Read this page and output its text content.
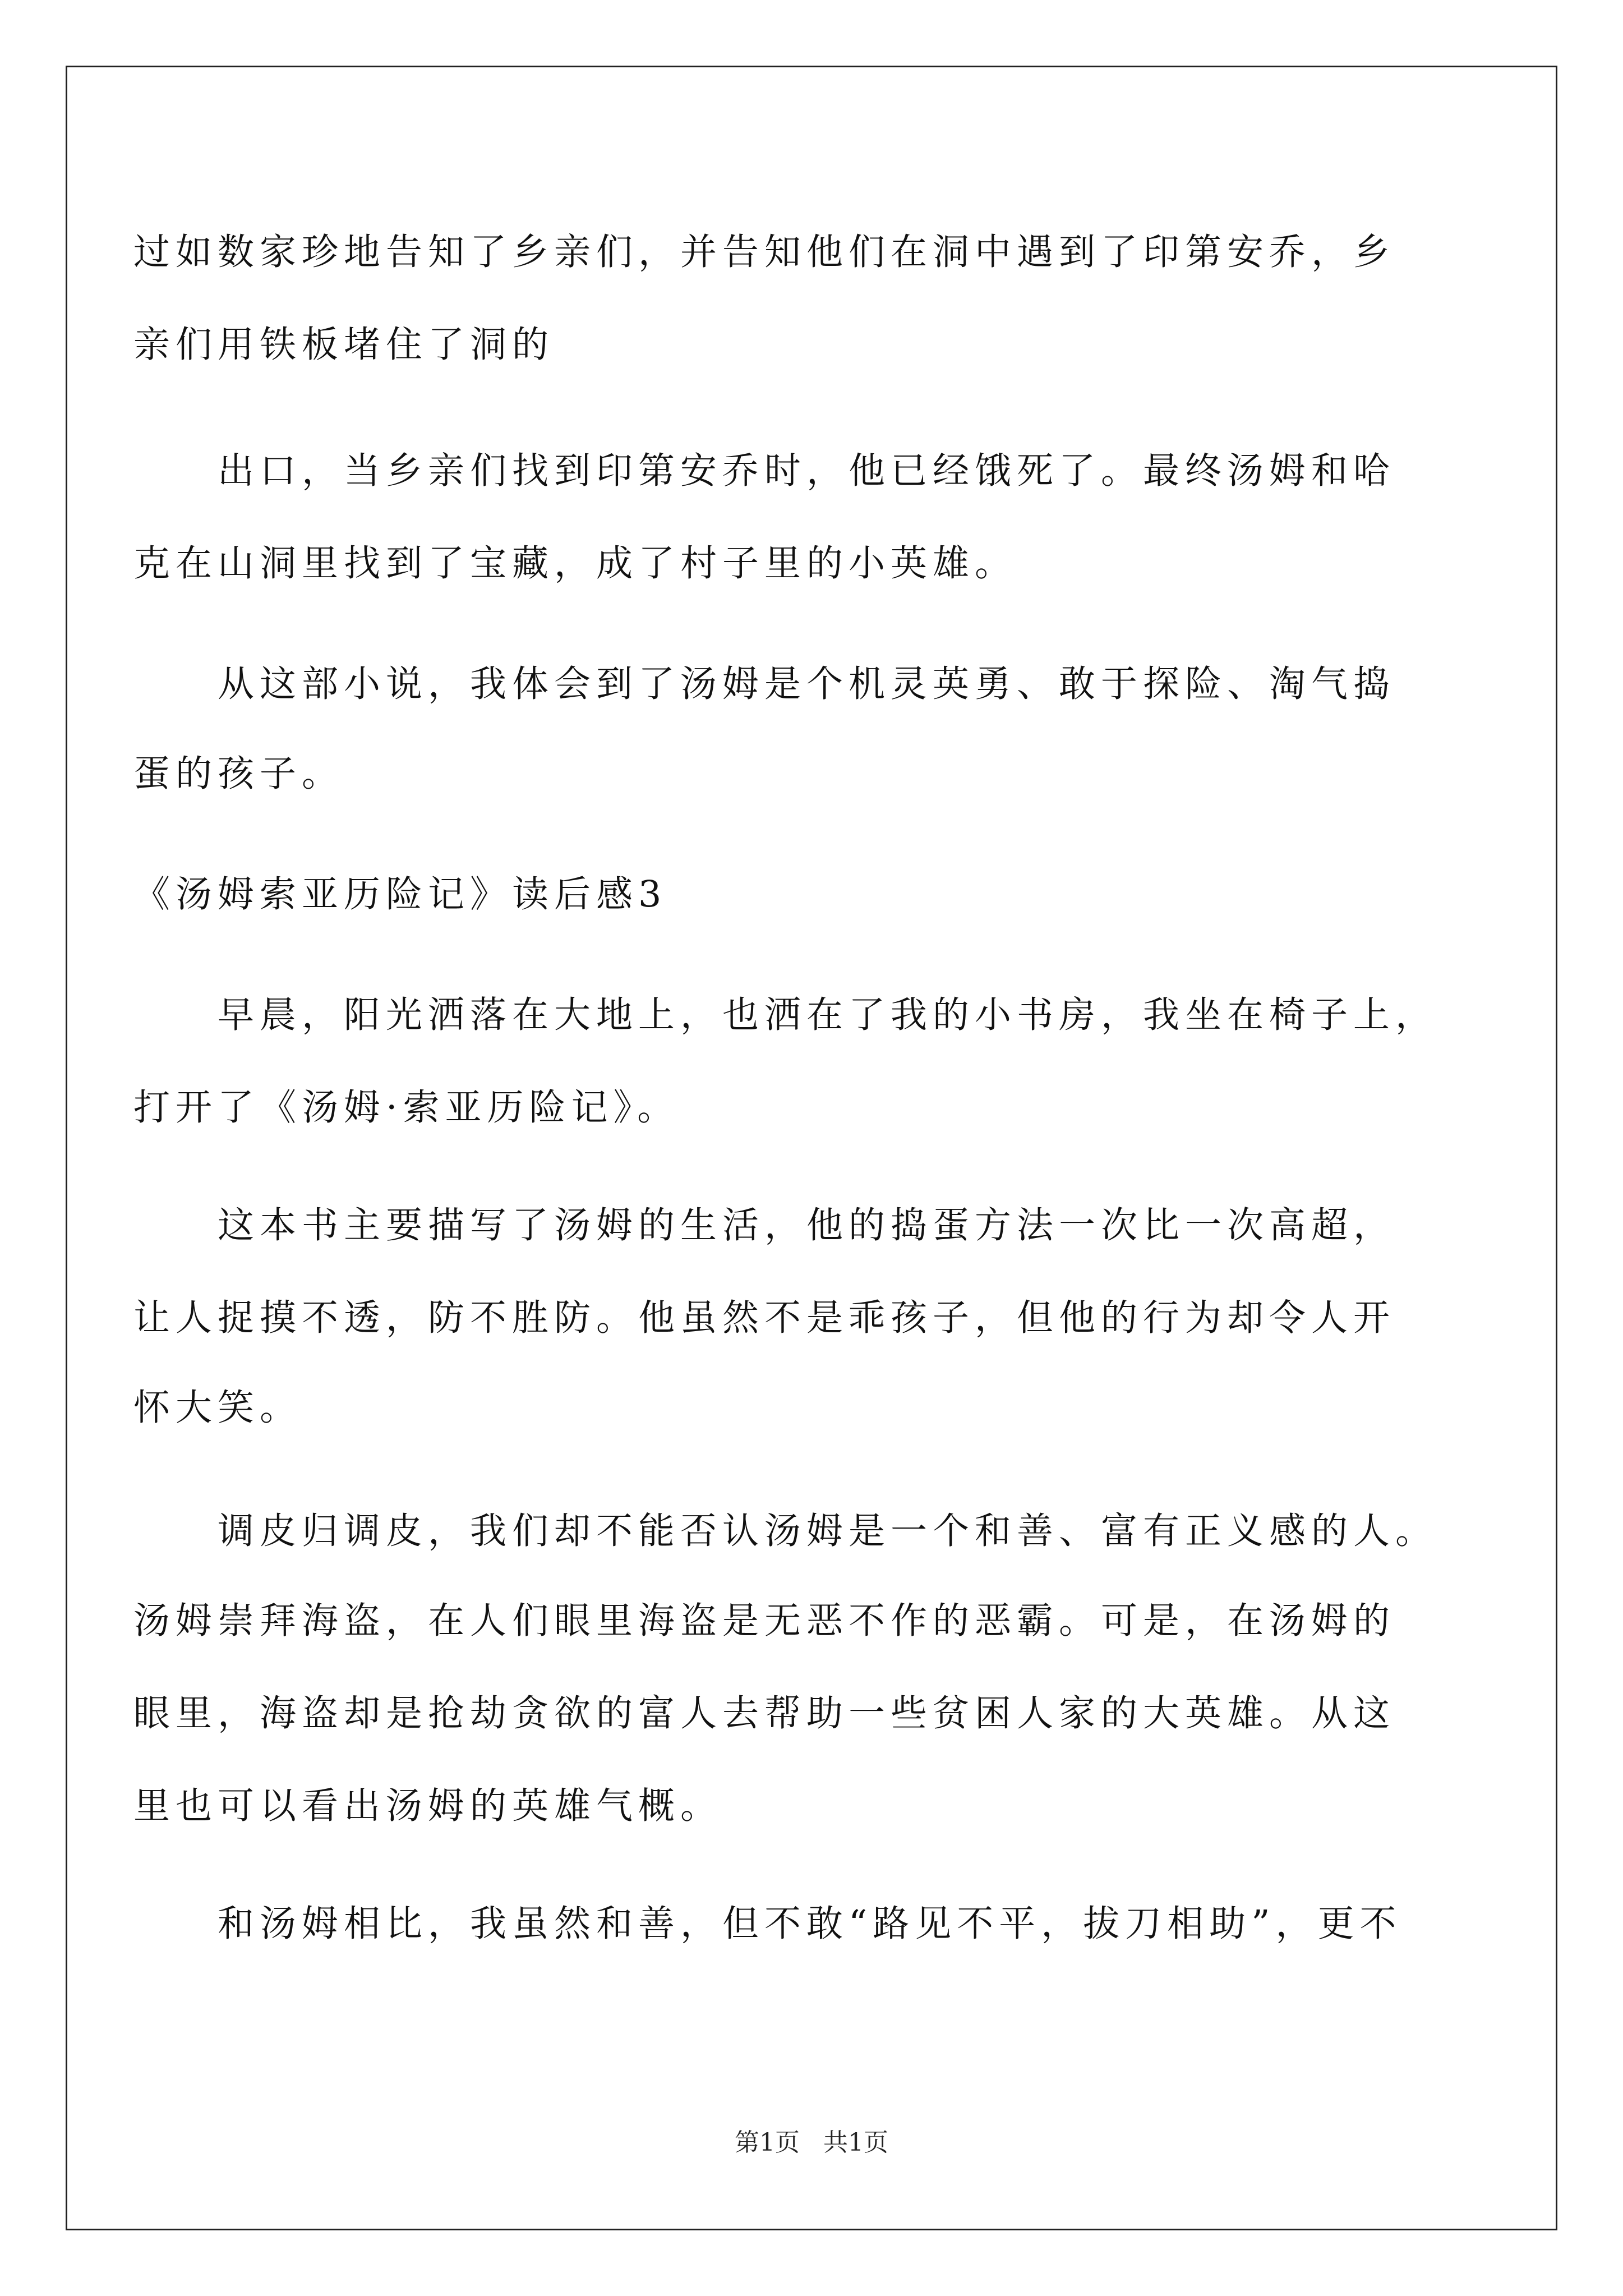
过如数家珍地告知了乡亲们，并告知他们在洞中遇到了印第安乔，乡
亲们用铁板堵住了洞的
出口，当乡亲们找到印第安乔时，他已经饿死了。最终汤姆和哈
克在山洞里找到了宝藏，成了村子里的小英雄。
从这部小说，我体会到了汤姆是个机灵英勇、敢于探险、淘气捣
蛋的孩子。
《汤姆索亚历险记》读后感3
早晨，阳光洒落在大地上，也洒在了我的小书房，我坐在椅子上，
打开了《汤姆·索亚历险记》。
这本书主要描写了汤姆的生活，他的捣蛋方法一次比一次高超，
让人捉摸不透，防不胜防。他虽然不是乖孩子，但他的行为却令人开
怀大笑。
调皮归调皮，我们却不能否认汤姆是一个和善、富有正义感的人。
汤姆崇拜海盗，在人们眼里海盗是无恶不作的恶霸。可是，在汤姆的
眼里，海盗却是抢劫贪欲的富人去帮助一些贫困人家的大英雄。从这
里也可以看出汤姆的英雄气概。
和汤姆相比，我虽然和善，但不敢“路见不平，拔刀相助”，更不
第1页   共1页
